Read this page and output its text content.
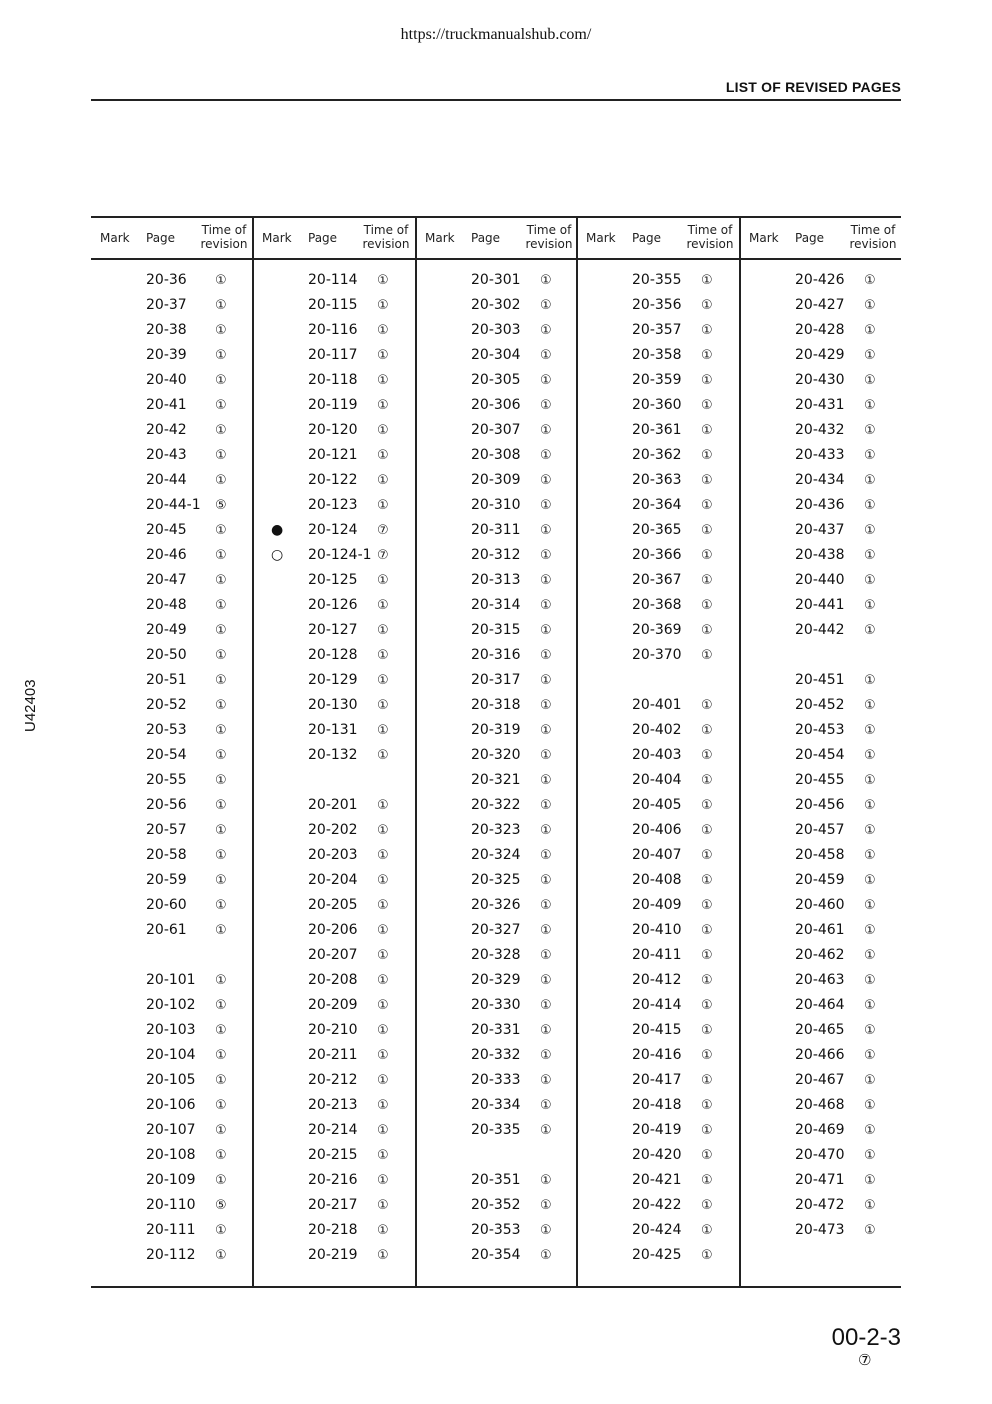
https://truckmanualshub.com/
LIST OF REVISED PAGES
U42403
Mark Page
Time of
revision
20-36 ①
20-37 ①
20-38 ①
20-39 ①
20-40 ①
20-41 ①
20-42 ①
20-43 ①
20-44 ①
20-44-1 ⑤
20-45 ①
20-46 ①
20-47 ①
20-48 ①
20-49 ①
20-50 ①
20-51 ①
20-52 ①
20-53 ①
20-54 ①
20-55 ①
20-56 ①
20-57 ①
20-58 ①
20-59 ①
20-60 ①
20-61 ①
20-101 ①
20-102 ①
20-103 ①
20-104 ①
20-105 ①
20-106 ①
20-107 ①
20-108 ①
20-109 ①
20-110 ⑤
20-111 ①
20-112 ①
Mark Page
Time of
revision
20-114 ①
20-115 ①
20-116 ①
20-117 ①
20-118 ①
20-119 ①
20-120 ①
20-121 ①
20-122 ①
20-123 ①
● 20-124 ⑦
○ 20-124-1 ⑦
20-125 ①
20-126 ①
20-127 ①
20-128 ①
20-129 ①
20-130 ①
20-131 ①
20-132 ①
20-201 ①
20-202 ①
20-203 ①
20-204 ①
20-205 ①
20-206 ①
20-207 ①
20-208 ①
20-209 ①
20-210 ①
20-211 ①
20-212 ①
20-213 ①
20-214 ①
20-215 ①
20-216 ①
20-217 ①
20-218 ①
20-219 ①
Mark Page
Time of
revision
20-301 ①
20-302 ①
20-303 ①
20-304 ①
20-305 ①
20-306 ①
20-307 ①
20-308 ①
20-309 ①
20-310 ①
20-311 ①
20-312 ①
20-313 ①
20-314 ①
20-315 ①
20-316 ①
20-317 ①
20-318 ①
20-319 ①
20-320 ①
20-321 ①
20-322 ①
20-323 ①
20-324 ①
20-325 ①
20-326 ①
20-327 ①
20-328 ①
20-329 ①
20-330 ①
20-331 ①
20-332 ①
20-333 ①
20-334 ①
20-335 ①
20-351 ①
20-352 ①
20-353 ①
20-354 ①
Mark Page
Time of
revision
20-355 ①
20-356 ①
20-357 ①
20-358 ①
20-359 ①
20-360 ①
20-361 ①
20-362 ①
20-363 ①
20-364 ①
20-365 ①
20-366 ①
20-367 ①
20-368 ①
20-369 ①
20-370 ①
20-401 ①
20-402 ①
20-403 ①
20-404 ①
20-405 ①
20-406 ①
20-407 ①
20-408 ①
20-409 ①
20-410 ①
20-411 ①
20-412 ①
20-414 ①
20-415 ①
20-416 ①
20-417 ①
20-418 ①
20-419 ①
20-420 ①
20-421 ①
20-422 ①
20-424 ①
20-425 ①
Mark Page
Time of
revision
20-426 ①
20-427 ①
20-428 ①
20-429 ①
20-430 ①
20-431 ①
20-432 ①
20-433 ①
20-434 ①
20-436 ①
20-437 ①
20-438 ①
20-440 ①
20-441 ①
20-442 ①
20-451 ①
20-452 ①
20-453 ①
20-454 ①
20-455 ①
20-456 ①
20-457 ①
20-458 ①
20-459 ①
20-460 ①
20-461 ①
20-462 ①
20-463 ①
20-464 ①
20-465 ①
20-466 ①
20-467 ①
20-468 ①
20-469 ①
20-470 ①
20-471 ①
20-472 ①
20-473 ①
00-2-3
⑦
